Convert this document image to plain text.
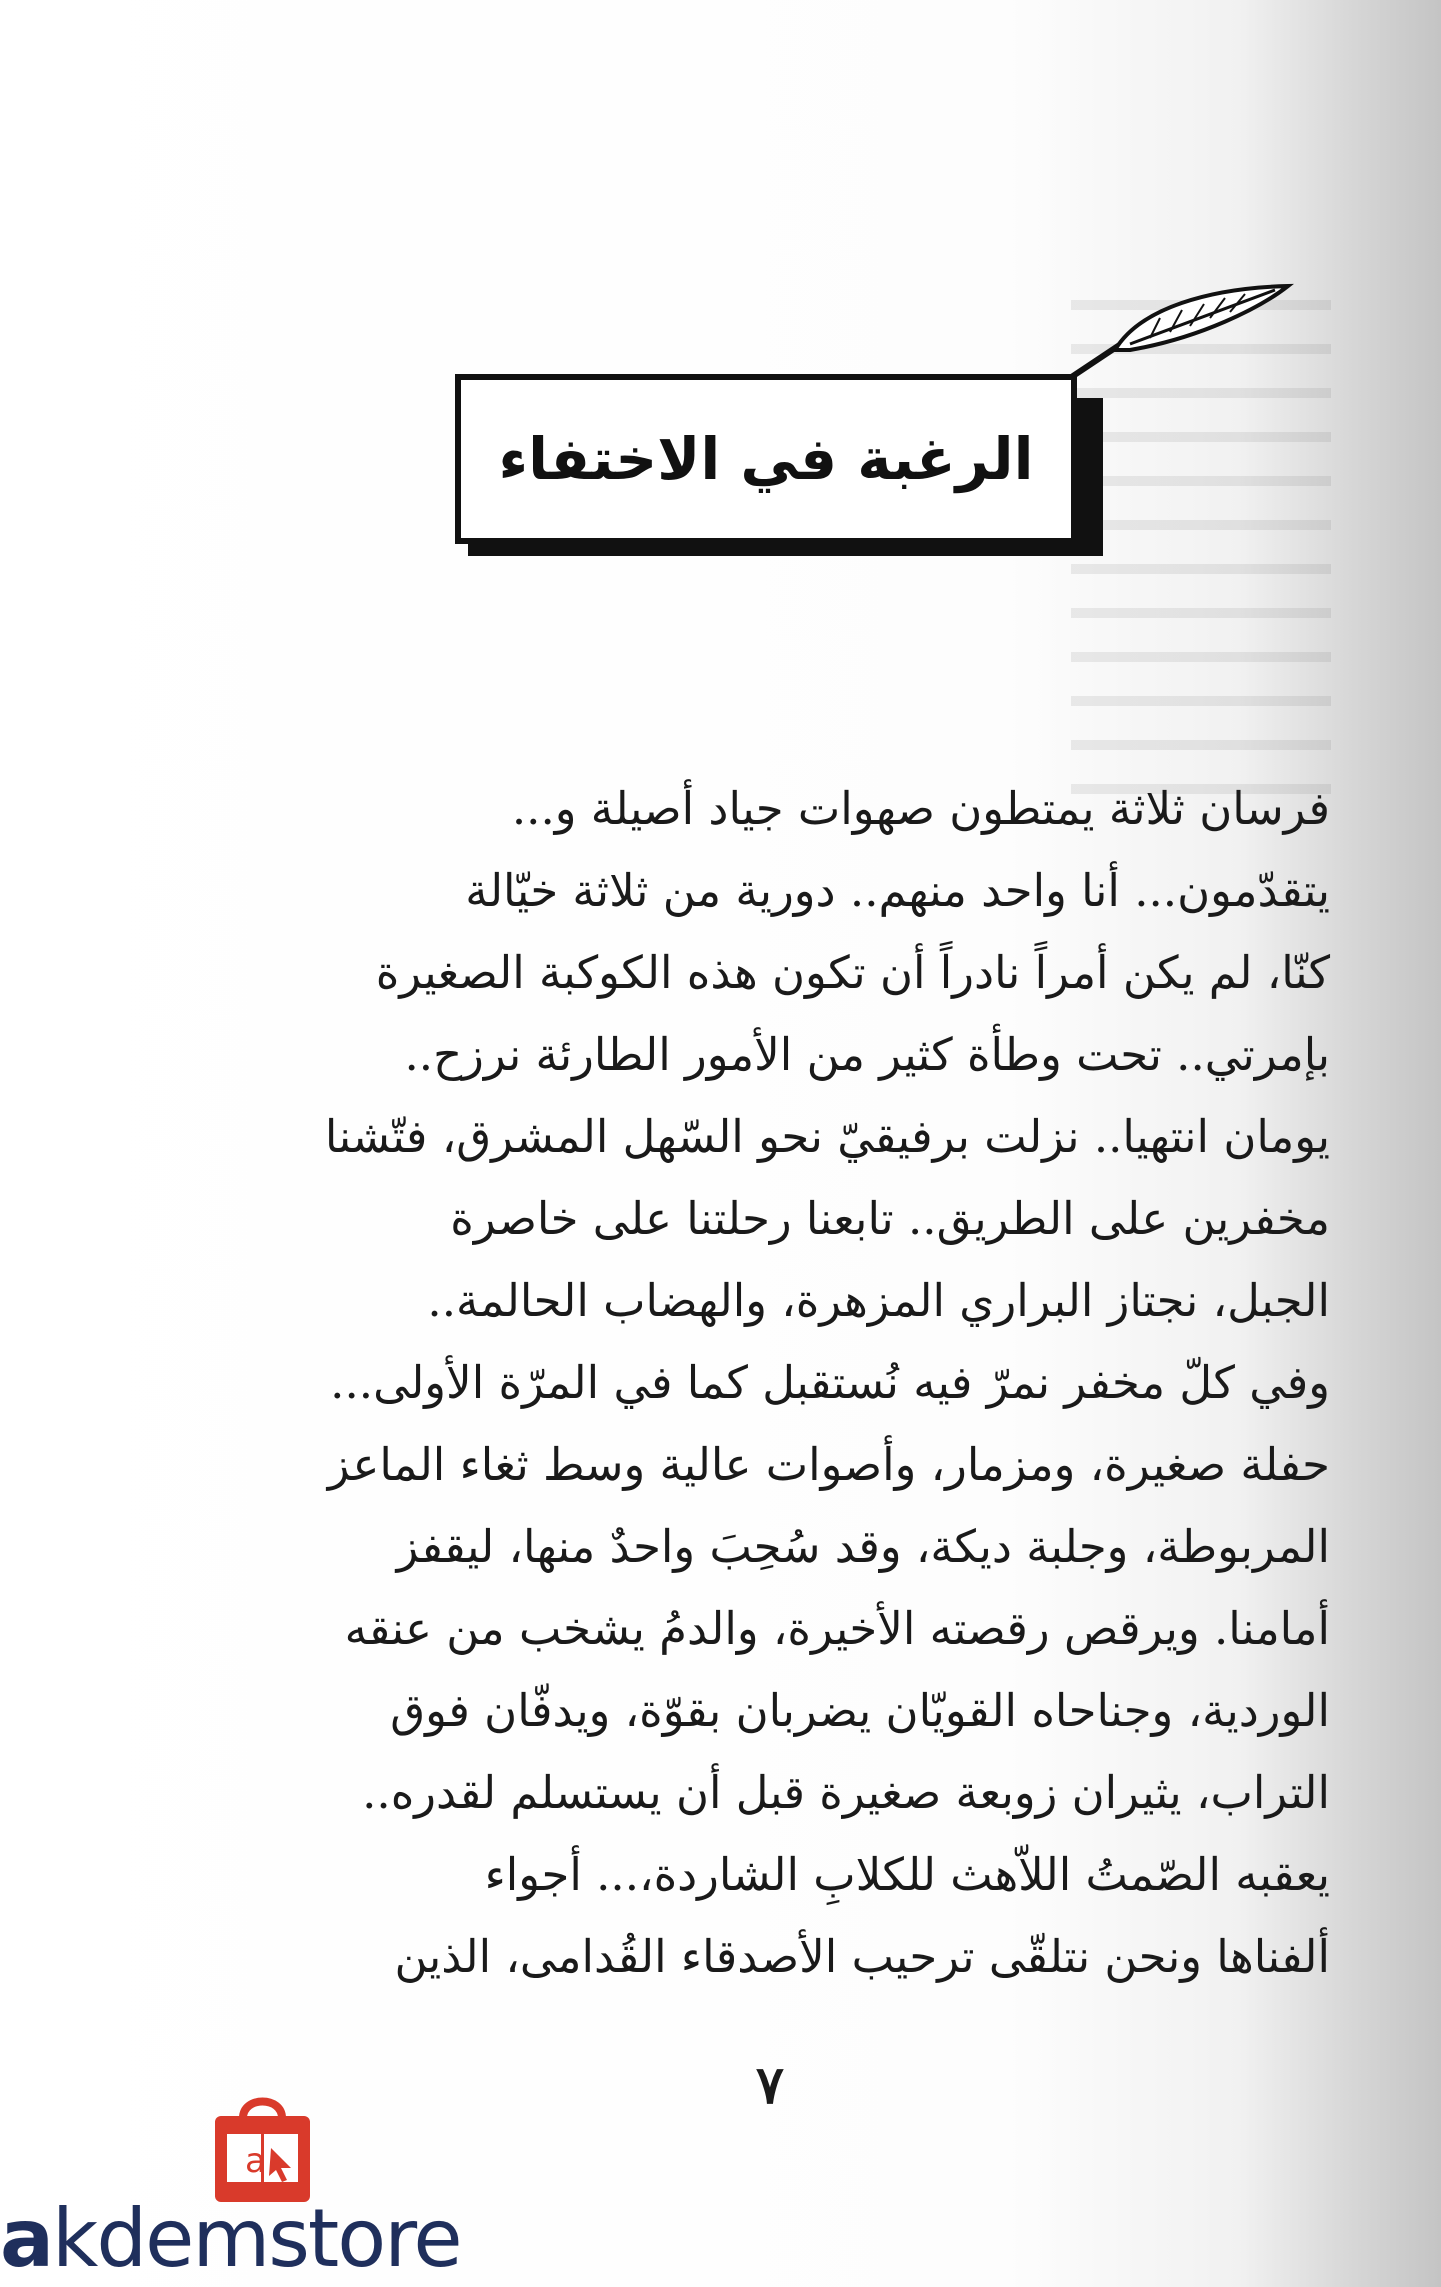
الرغبة في الاختفاء
فرسان ثلاثة يمتطون صهوات جياد أصيلة و...
يتقدّمون... أنا واحد منهم.. دورية من ثلاثة خيّالة
كنّا، لم يكن أمراً نادراً أن تكون هذه الكوكبة الصغيرة
بإمرتي.. تحت وطأة كثير من الأمور الطارئة نرزح..
يومان انتهيا.. نزلت برفيقيّ نحو السّهل المشرق، فتّشنا
مخفرين على الطريق.. تابعنا رحلتنا على خاصرة
الجبل، نجتاز البراري المزهرة، والهضاب الحالمة..
وفي كلّ مخفر نمرّ فيه نُستقبل كما في المرّة الأولى...
حفلة صغيرة، ومزمار، وأصوات عالية وسط ثغاء الماعز
المربوطة، وجلبة ديكة، وقد سُحِبَ واحدٌ منها، ليقفز
أمامنا. ويرقص رقصته الأخيرة، والدمُ يشخب من عنقه
الوردية، وجناحاه القويّان يضربان بقوّة، ويدفّان فوق
التراب، يثيران زوبعة صغيرة قبل أن يستسلم لقدره..
يعقبه الصّمتُ اللاّهث للكلابِ الشاردة،... أجواء
ألفناها ونحن نتلقّى ترحيب الأصدقاء القُدامى، الذين
٧
a
akdemstore
